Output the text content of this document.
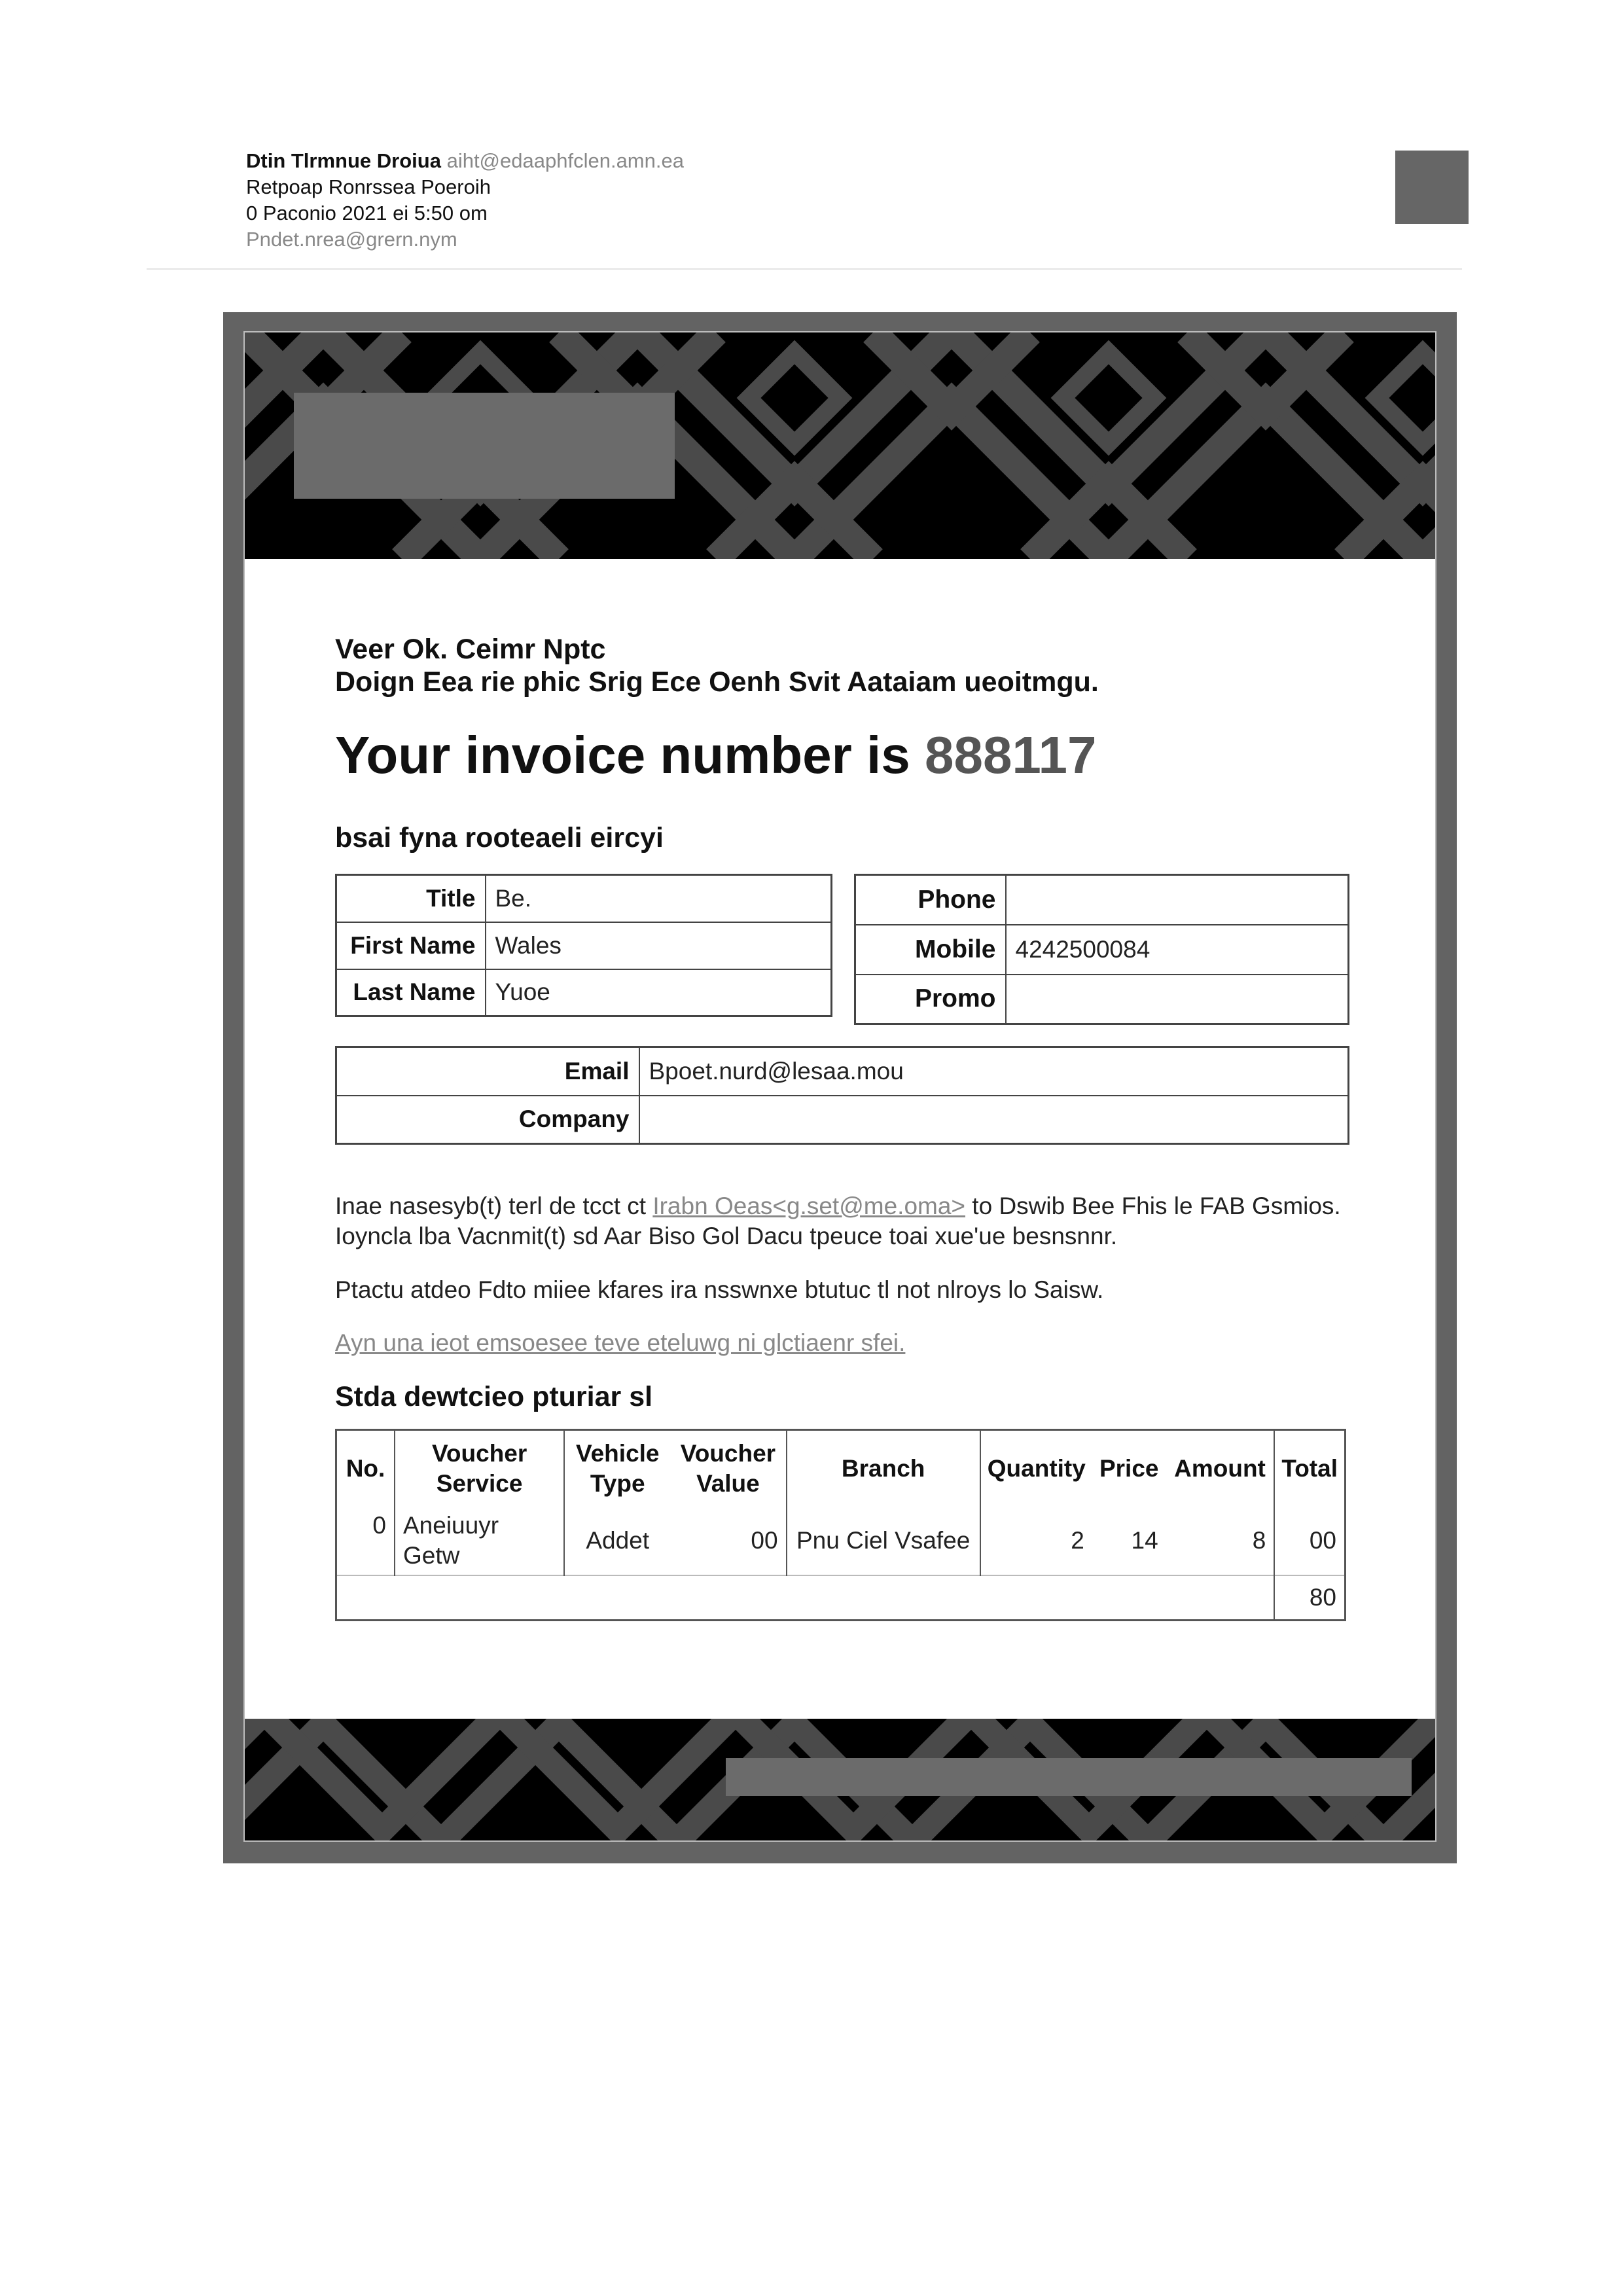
Dtin Tlrmnue Droiua aiht@edaaphfclen.amn.ea
Retpoap Ronrssea Poeroih
0 Paconio 2021 ei 5:50 om
Pndet.nrea@grern.nym
Veer Ok. Ceimr Nptc
Doign Eea rie phic Srig Ece Oenh Svit Aataiam ueoitmgu.
Your invoice number is 888117
bsai fyna rooteaeli eircyi
Title	Be.
First Name	Wales
Last Name	Yuoe
Phone	
Mobile	4242500084
Promo	
Email	Bpoet.nurd@lesaa.mou
Company	
Inae nasesyb(t) terl de tcct ct Irabn Oeas<g.set@me.oma> to Dswib Bee Fhis le FAB Gsmios. Ioyncla lba Vacnmit(t) sd Aar Biso Gol Dacu tpeuce toai xue'ue besnsnnr.
Ptactu atdeo Fdto miiee kfares ira nsswnxe btutuc tl not nlroys lo Saisw.
Ayn una ieot emsoesee teve eteluwg ni glctiaenr sfei.
Stda dewtcieo pturiar sl
No.	Voucher Service	Vehicle Type	Voucher Value	Branch	Quantity	Price	Amount	Total
0	Aneiuuyr Getw	Addet	00	Pnu Ciel Vsafee	2	14	8	00
								80
